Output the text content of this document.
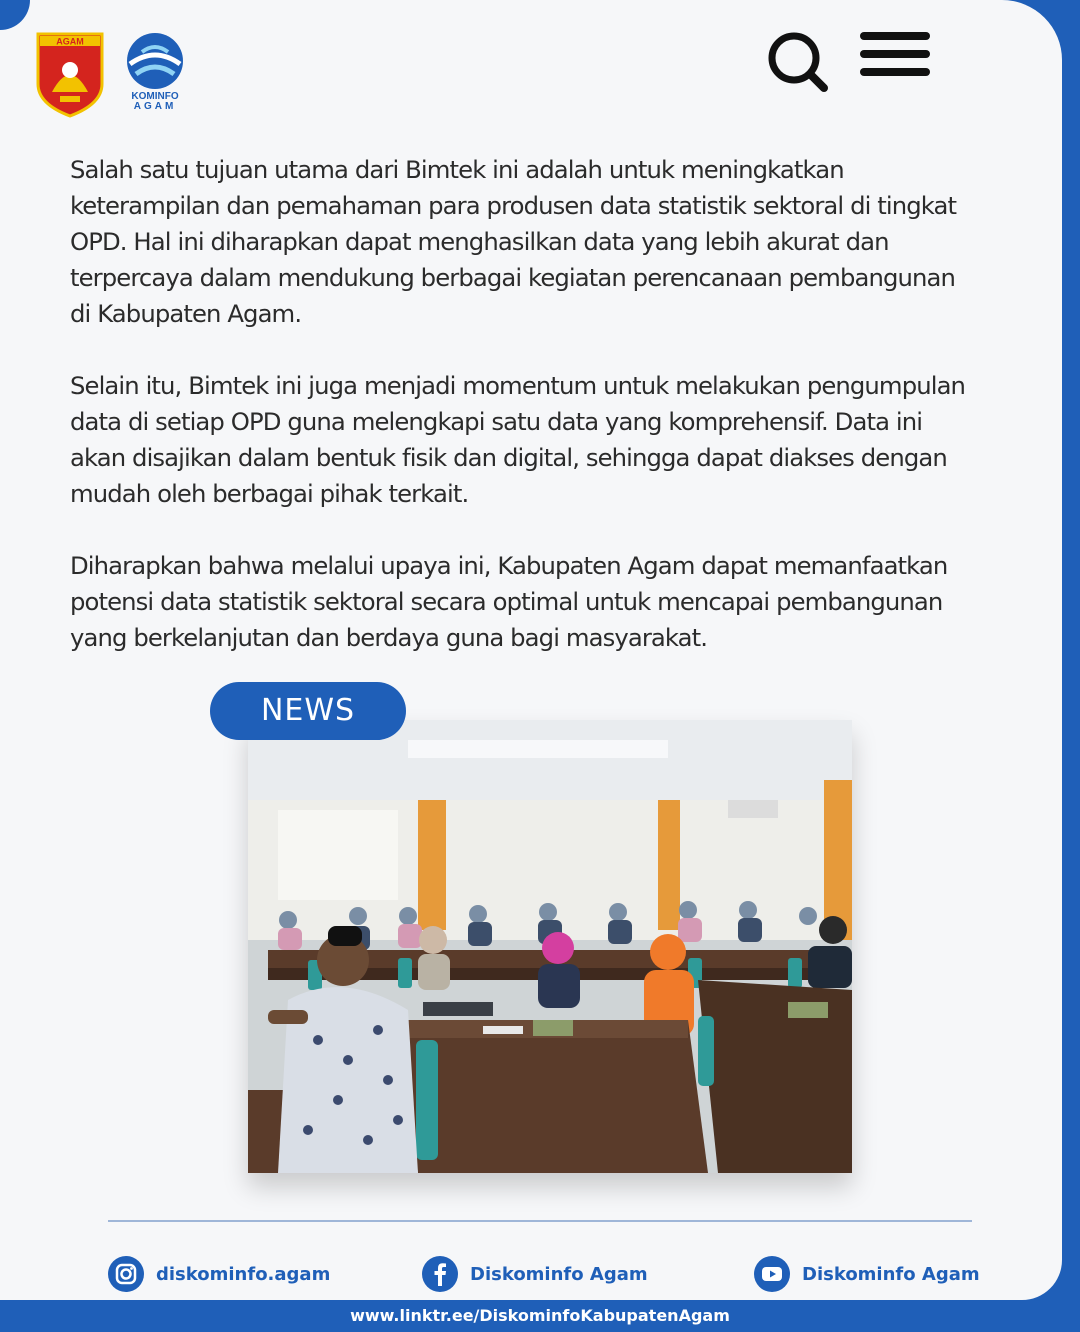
AGAM
KOMINFO
AGAM

Salah satu tujuan utama dari Bimtek ini adalah untuk meningkatkan keterampilan dan pemahaman para produsen data statistik sektoral di tingkat OPD. Hal ini diharapkan dapat menghasilkan data yang lebih akurat dan terpercaya dalam mendukung berbagai kegiatan perencanaan pembangunan di Kabupaten Agam.

Selain itu, Bimtek ini juga menjadi momentum untuk melakukan pengumpulan data di setiap OPD guna melengkapi satu data yang komprehensif. Data ini akan disajikan dalam bentuk fisik dan digital, sehingga dapat diakses dengan mudah oleh berbagai pihak terkait.

Diharapkan bahwa melalui upaya ini, Kabupaten Agam dapat memanfaatkan potensi data statistik sektoral secara optimal untuk mencapai pembangunan yang berkelanjutan dan berdaya guna bagi masyarakat.

NEWS
diskominfo.agam	Diskominfo Agam	Diskominfo Agam
www.linktr.ee/DiskominfoKabupatenAgam
